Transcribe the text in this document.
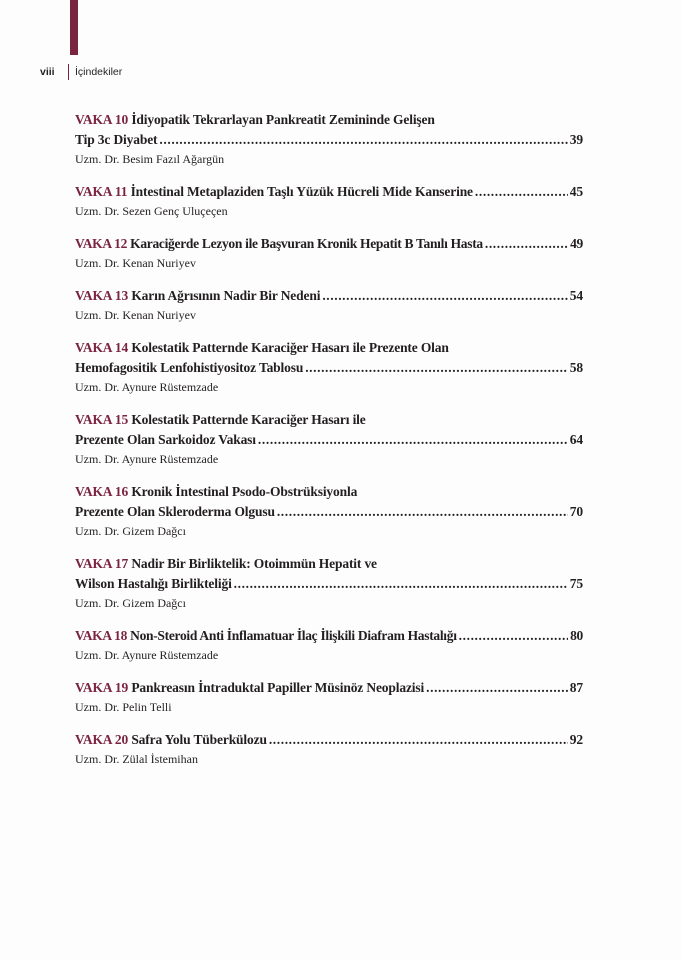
viii	İçindekiler
VAKA 10 İdiyopatik Tekrarlayan Pankreatit Zemininde Gelişen
Tip 3c Diyabet .....	39
Uzm. Dr. Besim Fazıl Ağargün
VAKA 11 İntestinal Metaplaziden Taşlı Yüzük Hücreli Mide Kanserine .....	45
Uzm. Dr. Sezen Genç Uluçeçen
VAKA 12 Karaciğerde Lezyon ile Başvuran Kronik Hepatit B Tanılı Hasta .....	49
Uzm. Dr. Kenan Nuriyev
VAKA 13 Karın Ağrısının Nadir Bir Nedeni .....	54
Uzm. Dr. Kenan Nuriyev
VAKA 14 Kolestatik Patternde Karaciğer Hasarı ile Prezente Olan
Hemofagositik Lenfohistiyositoz Tablosu .....	58
Uzm. Dr. Aynure Rüstemzade
VAKA 15 Kolestatik Patternde Karaciğer Hasarı ile
Prezente Olan Sarkoidoz Vakası .....	64
Uzm. Dr. Aynure Rüstemzade
VAKA 16 Kronik İntestinal Psodo-Obstrüksiyonla
Prezente Olan Skleroderma Olgusu .....	70
Uzm. Dr. Gizem Dağcı
VAKA 17 Nadir Bir Birliktelik: Otoimmün Hepatit ve
Wilson Hastalığı Birlikteliği .....	75
Uzm. Dr. Gizem Dağcı
VAKA 18 Non-Steroid Anti İnflamatuar İlaç İlişkili Diafram Hastalığı .....	80
Uzm. Dr. Aynure Rüstemzade
VAKA 19 Pankreasın İntraduktal Papiller Müsinöz Neoplazisi .....	87
Uzm. Dr. Pelin Telli
VAKA 20 Safra Yolu Tüberkülozu .....	92
Uzm. Dr. Zülal İstemihan
